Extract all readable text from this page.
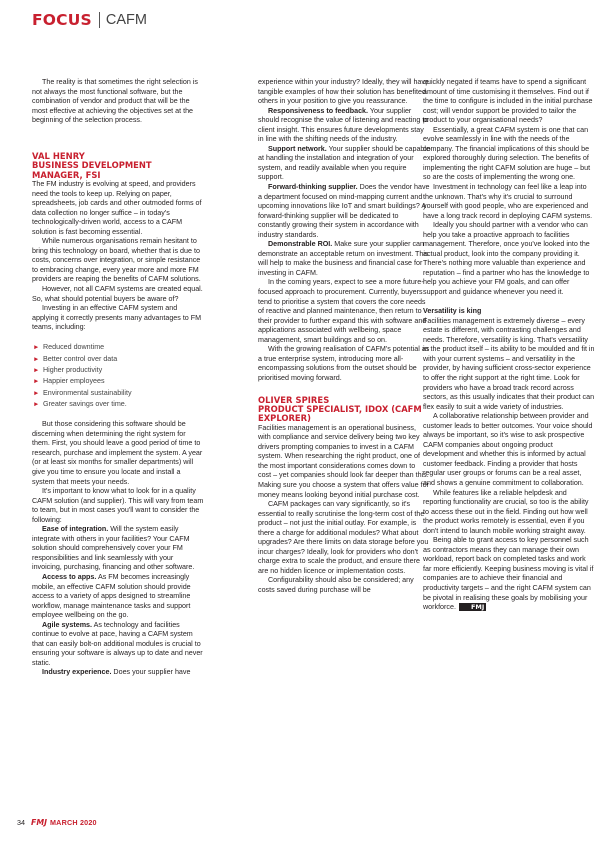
FOCUS CAFM

The reality is that sometimes the right selection is not always the most functional software, but the combination of vendor and product that will be the most effective at achieving the objectives set at the beginning of the selection process.

VAL HENRY
BUSINESS DEVELOPMENT MANAGER, FSI

The FM industry is evolving at speed, and providers need the tools to keep up. Relying on paper, spreadsheets, job cards and other outmoded forms of data collection no longer suffice – in today's technologically-driven world, access to a CAFM solution is fast becoming essential.

While numerous organisations remain hesitant to bring this technology on board, whether that is due to costs, concerns over integration, or simple resistance to embracing change, every year more and more FM providers are reaping the benefits of CAFM solutions.

However, not all CAFM systems are created equal. So, what should potential buyers be aware of?

Investing in an effective CAFM system and applying it correctly presents many advantages to FM teams, including:

► Reduced downtime
► Better control over data
► Higher productivity
► Happier employees
► Environmental sustainability
► Greater savings over time.

But those considering this software should be discerning when determining the right system for them. First, you should leave a good period of time to research, purchase and implement the system. A year (or at least six months for smaller departments) will give you time to ensure you locate and install a system that meets your needs.

It's important to know what to look for in a quality CAFM solution (and supplier). This will vary from team to team, but in most cases you'll want to consider the following:

Ease of integration. Will the system easily integrate with others in your facilities? Your CAFM solution should comprehensively cover your FM responsibilities and link seamlessly with your invoicing, purchasing, financing and other software.

Access to apps. As FM becomes increasingly mobile, an effective CAFM solution should provide access to a variety of apps designed to streamline workflow, manage maintenance tasks and support employee wellbeing on the go.

Agile systems. As technology and facilities continue to evolve at pace, having a CAFM system that can easily bolt-on additional modules is crucial to ensuring your software is always up to date and never static.

Industry experience. Does your supplier have

experience within your industry? Ideally, they will have tangible examples of how their solution has benefited others in your position to give you reassurance.

Responsiveness to feedback. Your supplier should recognise the value of listening and reacting to client insight. This ensures future developments stay in line with the shifting needs of the industry.

Support network. Your supplier should be capable at handling the installation and integration of your system, and readily available when you require support.

Forward-thinking supplier. Does the vendor have a department focused on mind-mapping current and upcoming innovations like IoT and smart buildings? A forward-thinking supplier will be dedicated to constantly growing their system in accordance with industry standards.

Demonstrable ROI. Make sure your supplier can demonstrate an acceptable return on investment. This will help to make the business and financial case for investing in CAFM.

In the coming years, expect to see a more future-focused approach to procurement. Currently, buyers tend to prioritise a system that covers the core needs of reactive and planned maintenance, then return to their provider to further expand this with software and applications associated with wellbeing, space management, smart buildings and so on.

With the growing realisation of CAFM's potential as a true enterprise system, introducing more all-encompassing solutions from the outset should be prioritised moving forward.

OLIVER SPIRES
PRODUCT SPECIALIST, IDOX (CAFM EXPLORER)

Facilities management is an operational business, with compliance and service delivery being two key drivers prompting companies to invest in a CAFM system. When researching the right product, one of the most important considerations comes down to cost – yet companies should look far deeper than this. Making sure you choose a system that offers value for money means looking beyond initial purchase cost.

CAFM packages can vary significantly, so it's essential to really scrutinise the long-term cost of the product – not just the initial outlay. For example, is there a charge for additional modules? What about upgrades? Are there limits on data storage before you incur charges? Ideally, look for providers who don't charge extra to scale the product, and ensure there are no hidden licence or implementation costs.

Configurability should also be considered; any costs saved during purchase will be

quickly negated if teams have to spend a significant amount of time customising it themselves. Find out if the time to configure is included in the initial purchase cost; will vendor support be provided to tailor the product to your organisational needs?

Essentially, a great CAFM system is one that can evolve seamlessly in line with the needs of the company. The financial implications of this should be explored thoroughly during selection. The benefits of implementing the right CAFM solution are huge – but so are the costs of implementing the wrong one.

Investment in technology can feel like a leap into the unknown. That's why it's crucial to surround yourself with good people, who are experienced and have a long track record in deploying CAFM systems.

Ideally you should partner with a vendor who can help you take a proactive approach to facilities management. Therefore, once you've looked into the actual product, look into the company providing it. There's nothing more valuable than experience and reputation – find a partner who has the knowledge to help you achieve your FM goals, and can offer support and guidance whenever you need it.

Versatility is king

Facilities management is extremely diverse – every estate is different, with contrasting challenges and needs. Therefore, versatility is king. That's versatility in the product itself – its ability to be moulded and fit in with your current systems – and versatility in the provider, by having sufficient cross-sector experience to offer the right support at the right time. Look for providers who have a broad track record across sectors, as this usually indicates that their product can flex easily to suit a wide variety of industries.

A collaborative relationship between provider and customer leads to better outcomes. Your voice should always be important, so it's wise to ask prospective CAFM companies about ongoing product development and whether this is informed by actual customer feedback. Finding a provider that hosts regular user groups or forums can be a real asset, and shows a genuine commitment to collaboration.

While features like a reliable helpdesk and reporting functionality are crucial, so too is the ability to access these out in the field. Finding out how well the product works remotely is essential, even if you don't intend to launch mobile working straight away.

Being able to grant access to key personnel such as contractors means they can manage their own workload, report back on completed tasks and work far more efficiently. Keeping business moving is vital if companies are to achieve their financial and productivity targets – and the right CAFM system can be pivotal in realising these goals by mobilising your workforce. FMJ

34 FMJ MARCH 2020
